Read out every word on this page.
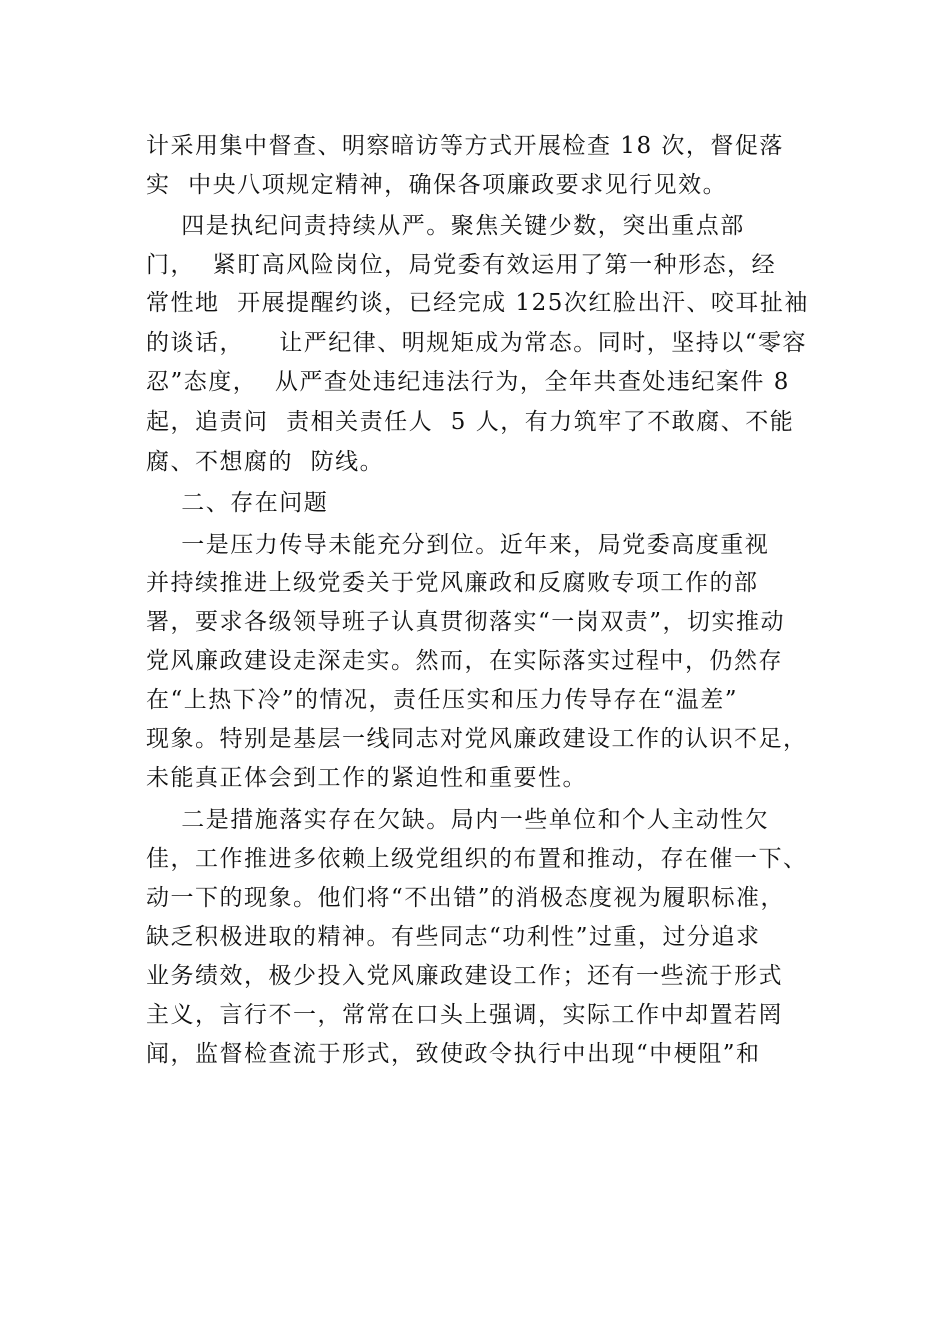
计采用集中督查、明察暗访等方式开展检查 18 次，督促落

实  中央八项规定精神，确保各项廉政要求见行见效。

四是执纪问责持续从严。聚焦关键少数，突出重点部

门，  紧盯高风险岗位，局党委有效运用了第一种形态，经

常性地  开展提醒约谈，已经完成 125次红脸出汗、咬耳扯袖

的谈话，    让严纪律、明规矩成为常态。同时，坚持以“零容

忍”态度，  从严查处违纪违法行为，全年共查处违纪案件 8

起，追责问  责相关责任人  5 人，有力筑牢了不敢腐、不能

腐、不想腐的  防线。

二、存在问题

一是压力传导未能充分到位。近年来，局党委高度重视

并持续推进上级党委关于党风廉政和反腐败专项工作的部

署，要求各级领导班子认真贯彻落实“一岗双责”，切实推动

党风廉政建设走深走实。然而，在实际落实过程中，仍然存

在“上热下冷”的情况，责任压实和压力传导存在“温差”

现象。特别是基层一线同志对党风廉政建设工作的认识不足，

未能真正体会到工作的紧迫性和重要性。

二是措施落实存在欠缺。局内一些单位和个人主动性欠

佳，工作推进多依赖上级党组织的布置和推动，存在催一下、

动一下的现象。他们将“不出错”的消极态度视为履职标准，

缺乏积极进取的精神。有些同志“功利性”过重，过分追求

业务绩效，极少投入党风廉政建设工作；还有一些流于形式

主义，言行不一，常常在口头上强调，实际工作中却置若罔

闻，监督检查流于形式，致使政令执行中出现“中梗阻”和
